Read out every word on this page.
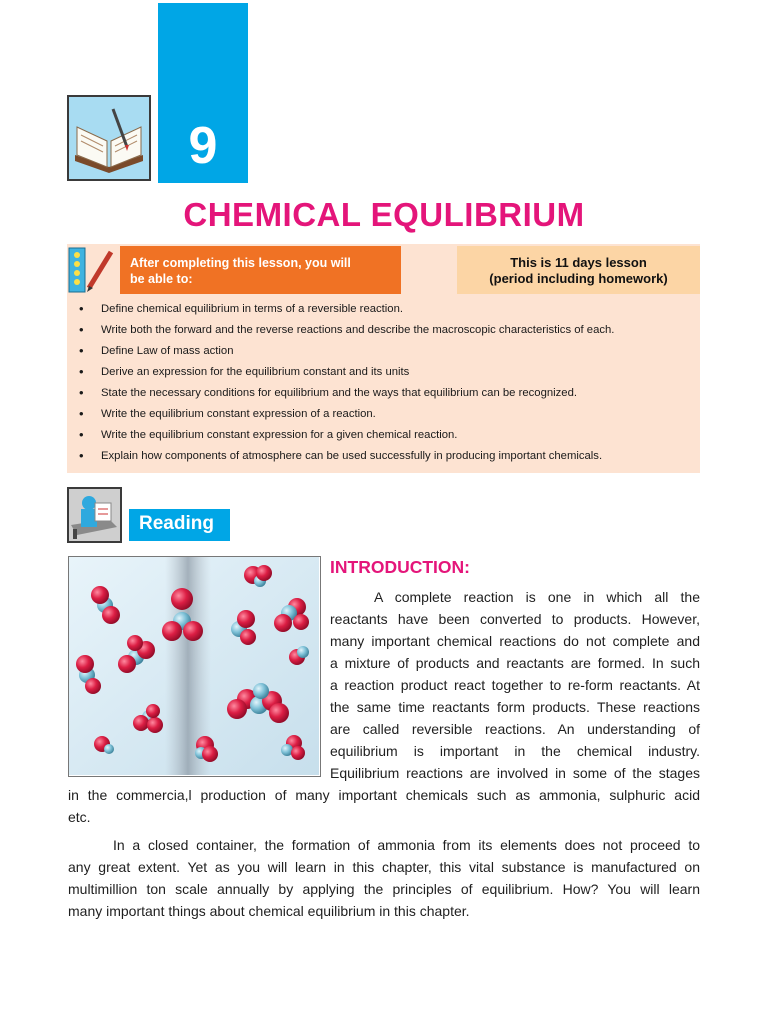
9
CHEMICAL EQULIBRIUM
After completing this lesson, you will
be able to:
This is 11 days lesson
(period including homework)
• Define chemical equilibrium in terms of a reversible reaction.
• Write both the forward and the reverse reactions and describe the macroscopic characteristics of each.
• Define Law of mass action
• Derive an expression for the equilibrium constant and its units
• State the necessary conditions for equilibrium and the ways that equilibrium can be recognized.
• Write the equilibrium constant expression of a reaction.
• Write the equilibrium constant expression for a given chemical reaction.
• Explain how components of atmosphere can be used successfully in producing important chemicals.
Reading
INTRODUCTION:
A complete reaction is one in which all the
reactants have been converted to products. However,
many important chemical reactions do not complete and
a mixture of products and reactants are formed. In such
a reaction product react together to re-form reactants. At
the same time reactants form products. These reactions
are called reversible reactions. An understanding of
equilibrium is important in the chemical industry.
Equilibrium reactions are involved in some of the stages
in the commercia,l production of many important chemicals such as ammonia, sulphuric acid
etc.
In a closed container, the formation of ammonia from its elements does not proceed to
any great extent. Yet as you will learn in this chapter, this vital substance is manufactured on
multimillion ton scale annually by applying the principles of equilibrium. How? You will learn
many important things about chemical equilibrium in this chapter.
